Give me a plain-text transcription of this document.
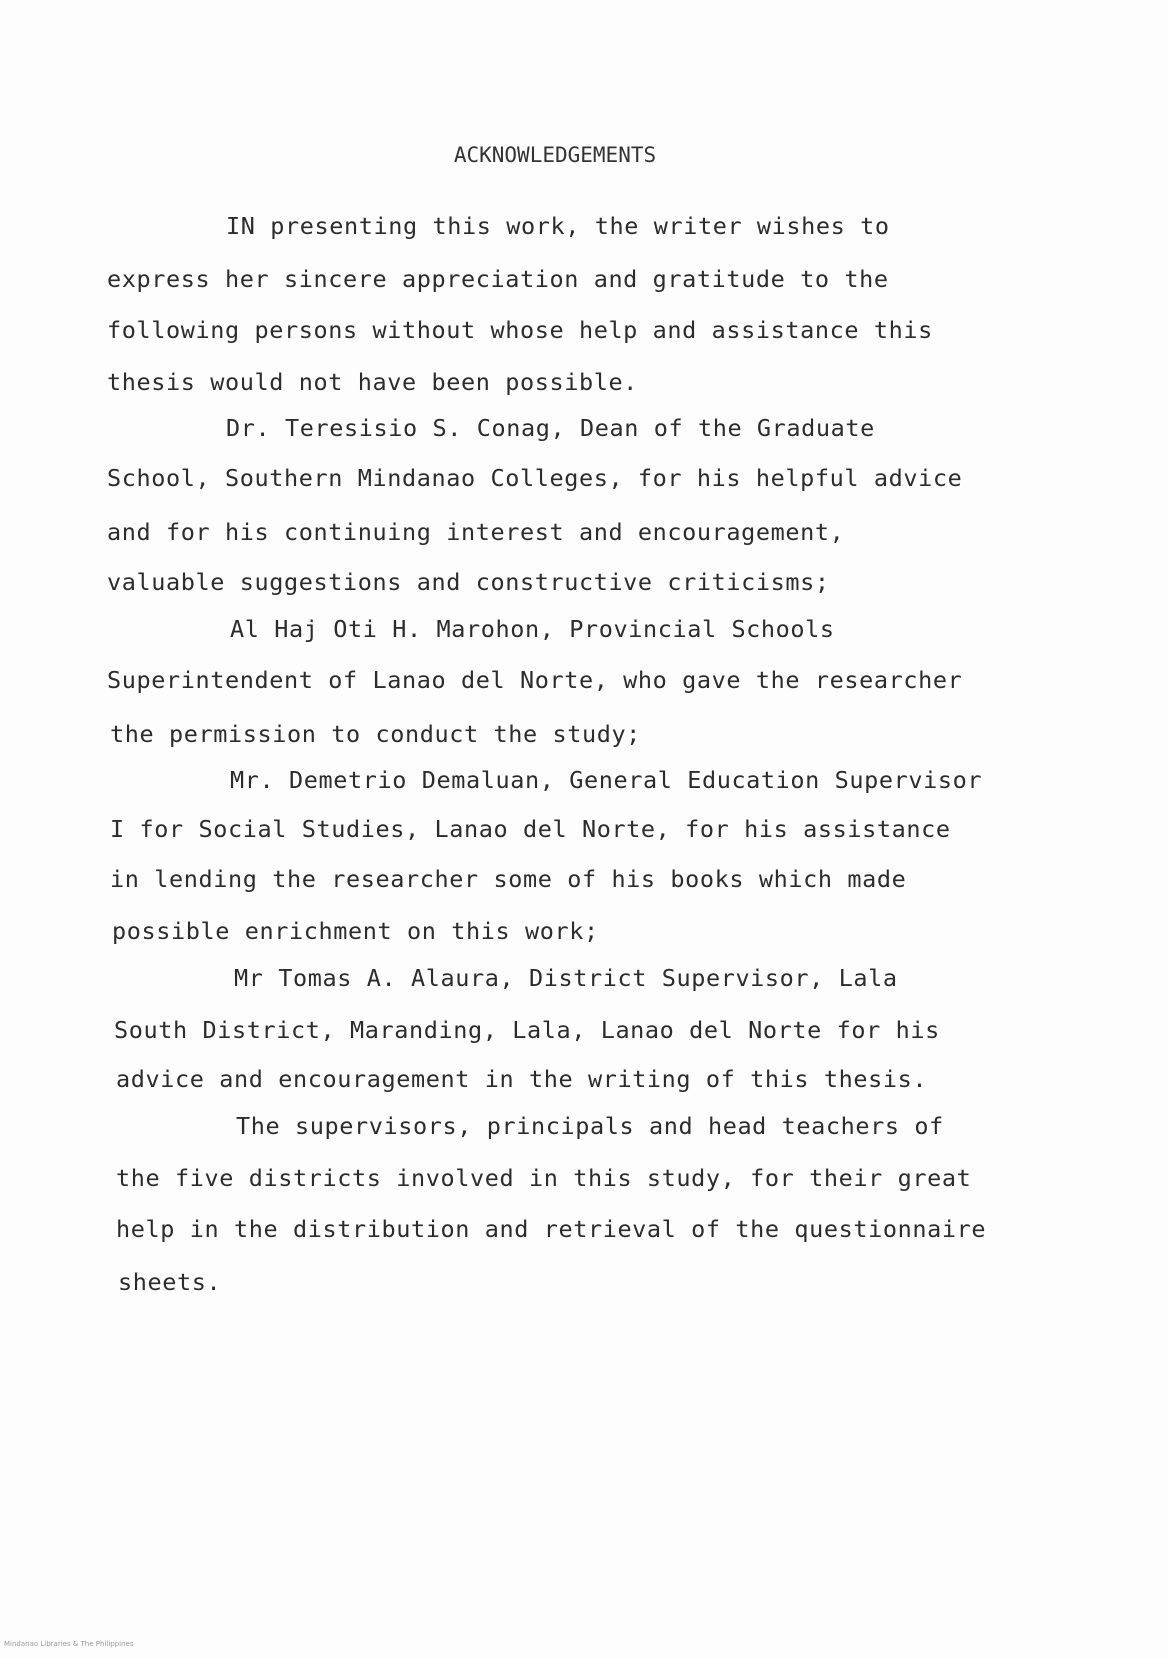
ACKNOWLEDGEMENTS
IN presenting this work, the writer wishes to
express her sincere appreciation and gratitude to the
following persons without whose help and assistance this
thesis would not have been possible.
Dr. Teresisio S. Conag, Dean of the Graduate
School, Southern Mindanao Colleges, for his helpful advice
and for his continuing interest and encouragement,
valuable suggestions and constructive criticisms;
Al Haj Oti H. Marohon, Provincial Schools
Superintendent of Lanao del Norte, who gave the researcher
the permission to conduct the study;
Mr. Demetrio Demaluan, General Education Supervisor
I for Social Studies, Lanao del Norte, for his assistance
in lending the researcher some of his books which made
possible enrichment on this work;
Mr Tomas A. Alaura, District Supervisor, Lala
South District, Maranding, Lala, Lanao del Norte for his
advice and encouragement in the writing of this thesis.
The supervisors, principals and head teachers of
the five districts involved in this study, for their great
help in the distribution and retrieval of the questionnaire
sheets.
Mindanao Libraries & The Philippines
